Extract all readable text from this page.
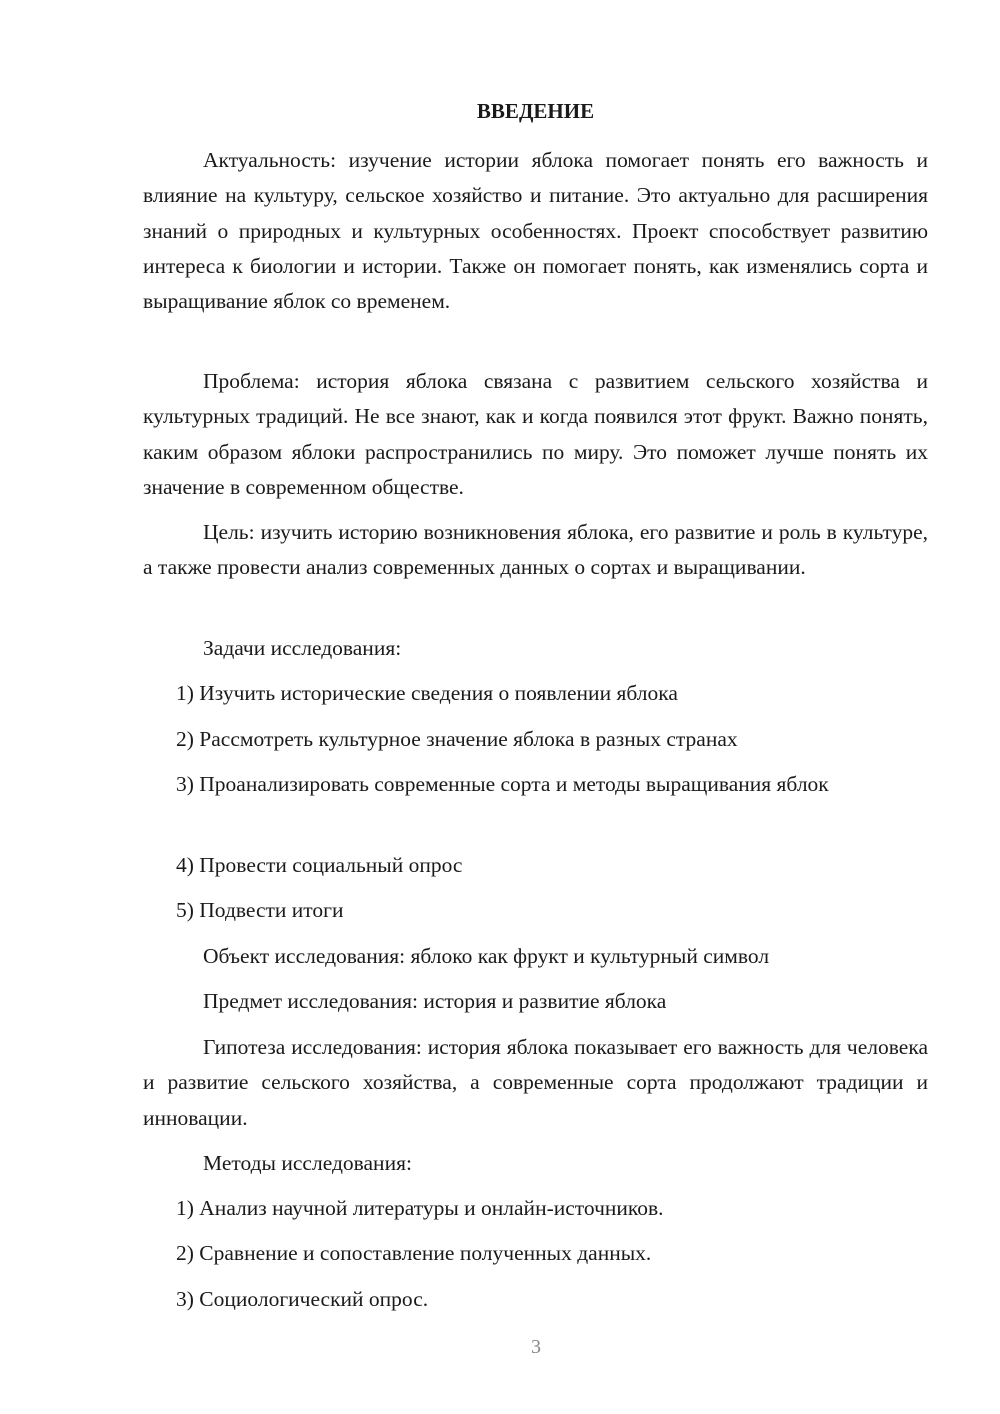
ВВЕДЕНИЕ

Актуальность: изучение истории яблока помогает понять его важность и влияние на культуру, сельское хозяйство и питание. Это актуально для расширения знаний о природных и культурных особенностях. Проект способствует развитию интереса к биологии и истории. Также он помогает понять, как изменялись сорта и выращивание яблок со временем.

Проблема: история яблока связана с развитием сельского хозяйства и культурных традиций. Не все знают, как и когда появился этот фрукт. Важно понять, каким образом яблоки распространились по миру. Это поможет лучше понять их значение в современном обществе.

Цель: изучить историю возникновения яблока, его развитие и роль в культуре, а также провести анализ современных данных о сортах и выращивании.

Задачи исследования:

1) Изучить исторические сведения о появлении яблока

2) Рассмотреть культурное значение яблока в разных странах

3) Проанализировать современные сорта и методы выращивания яблок

4) Провести социальный опрос

5) Подвести итоги

Объект исследования: яблоко как фрукт и культурный символ

Предмет исследования: история и развитие яблока

Гипотеза исследования: история яблока показывает его важность для человека и развитие сельского хозяйства, а современные сорта продолжают традиции и инновации.

Методы исследования:

1) Анализ научной литературы и онлайн-источников.

2) Сравнение и сопоставление полученных данных.

3) Социологический опрос.

3
